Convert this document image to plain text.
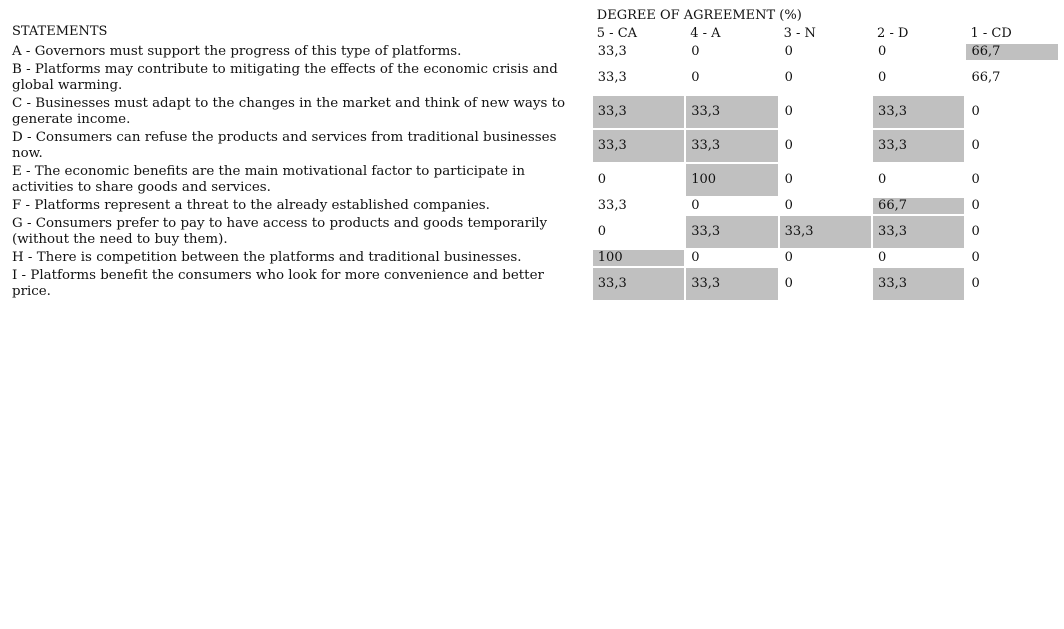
STATEMENTS	DEGREE OF AGREEMENT (%)				
	5 - CA	4 - A	3 - N	2 - D	1 - CD
A - Governors must support the progress of this type of platforms.	33,3	0	0	0	66,7
B - Platforms may contribute to mitigating the effects of the economic crisis and global warming.	33,3	0	0	0	66,7
C - Businesses must adapt to the changes in the market and think of new ways to generate income.	33,3	33,3	0	33,3	0
D - Consumers can refuse the products and services from traditional businesses now.	33,3	33,3	0	33,3	0
E - The economic benefits are the main motivational factor to participate in activities to share goods and services.	0	100	0	0	0
F - Platforms represent a threat to the already established companies.	33,3	0	0	66,7	0
G - Consumers prefer to pay to have access to products and goods temporarily (without the need to buy them).	0	33,3	33,3	33,3	0
H - There is competition between the platforms and traditional businesses.	100	0	0	0	0
I - Platforms benefit the consumers who look for more convenience and better price.	33,3	33,3	0	33,3	0
